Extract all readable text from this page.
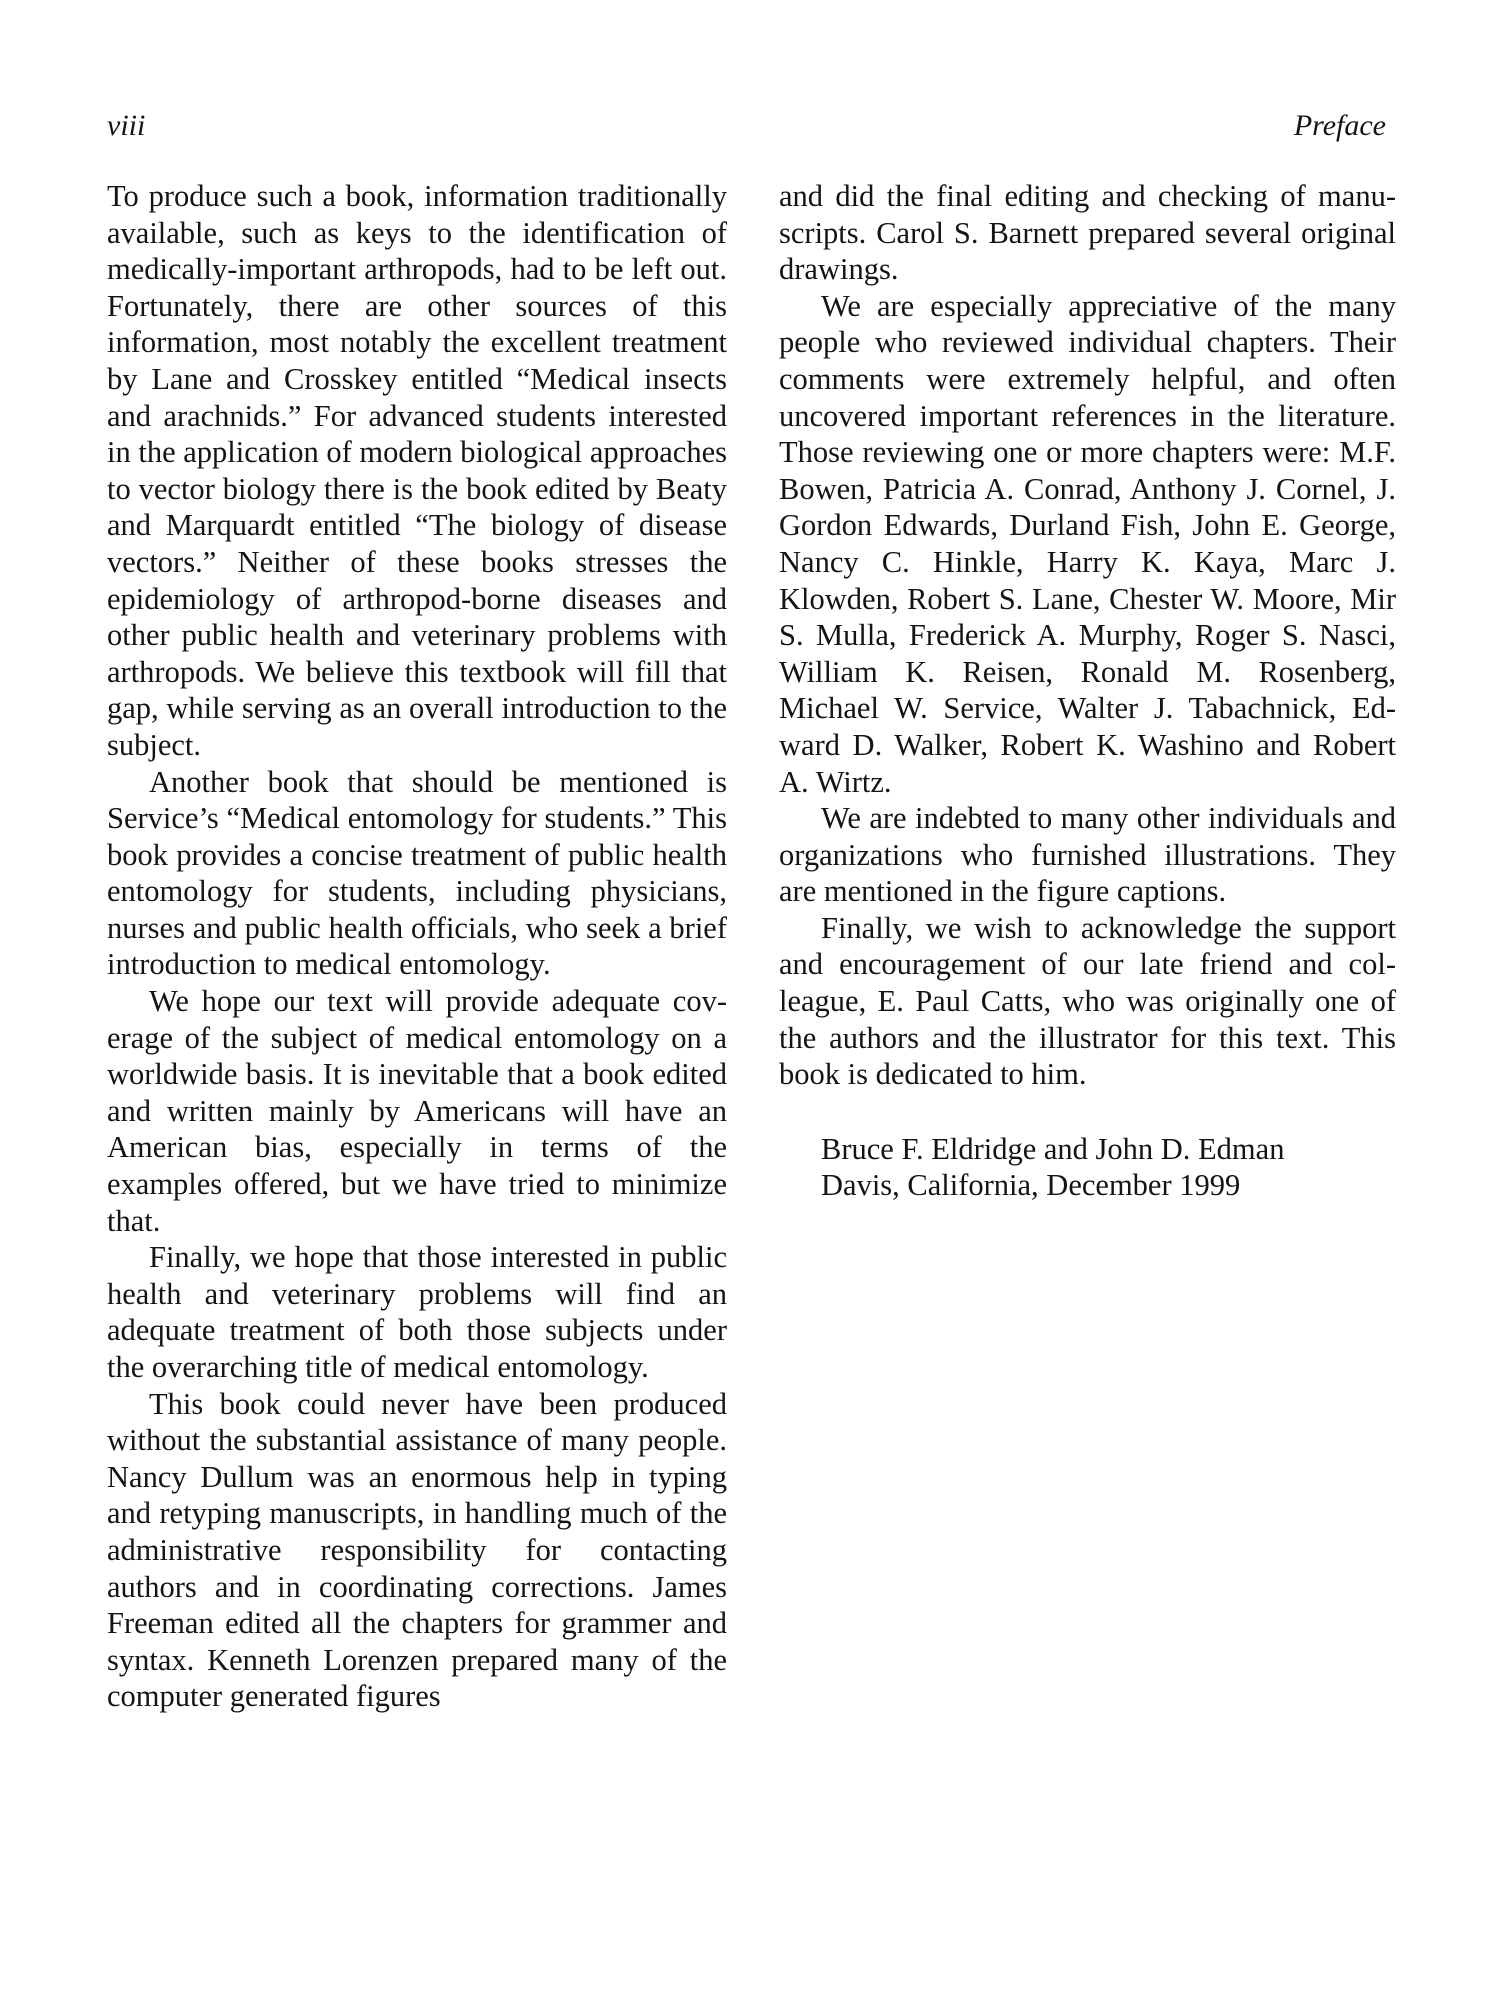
viii	Preface

To produce such a book, information traditionally available, such as keys to the identification of medically-important arthropods, had to be left out. Fortunately, there are other sources of this information, most notably the excellent treatment by Lane and Crosskey entitled “Medical insects and arachnids.” For advanced students interested in the application of modern biological approaches to vector biology there is the book edited by Beaty and Marquardt entitled “The biology of disease vectors.” Neither of these books stresses the epidemiology of arthropod-borne diseases and other public health and veterinary problems with arthropods. We believe this textbook will fill that gap, while serving as an overall introduction to the subject.

Another book that should be mentioned is Service’s “Medical entomology for students.” This book provides a concise treatment of public health entomology for students, including physicians, nurses and public health officials, who seek a brief introduction to medical entomology.

We hope our text will provide adequate coverage of the subject of medical entomology on a worldwide basis. It is inevitable that a book edited and written mainly by Americans will have an American bias, especially in terms of the examples offered, but we have tried to minimize that.

Finally, we hope that those interested in public health and veterinary problems will find an adequate treatment of both those subjects under the overarching title of medical entomology.

This book could never have been produced without the substantial assistance of many people. Nancy Dullum was an enormous help in typing and retyping manuscripts, in handling much of the administrative responsibility for contacting authors and in coordinating corrections. James Freeman edited all the chapters for grammer and syntax. Kenneth Lorenzen prepared many of the computer generated figures

and did the final editing and checking of manuscripts. Carol S. Barnett prepared several original drawings.

We are especially appreciative of the many people who reviewed individual chapters. Their comments were extremely helpful, and often uncovered important references in the literature. Those reviewing one or more chapters were: M.F. Bowen, Patricia A. Conrad, Anthony J. Cornel, J. Gordon Edwards, Durland Fish, John E. George, Nancy C. Hinkle, Harry K. Kaya, Marc J. Klowden, Robert S. Lane, Chester W. Moore, Mir S. Mulla, Frederick A. Murphy, Roger S. Nasci, William K. Reisen, Ronald M. Rosenberg, Michael W. Service, Walter J. Tabachnick, Edward D. Walker, Robert K. Washino and Robert A. Wirtz.

We are indebted to many other individuals and organizations who furnished illustrations. They are mentioned in the figure captions.

Finally, we wish to acknowledge the support and encouragement of our late friend and colleague, E. Paul Catts, who was originally one of the authors and the illustrator for this text. This book is dedicated to him.

Bruce F. Eldridge and John D. Edman
Davis, California, December 1999
